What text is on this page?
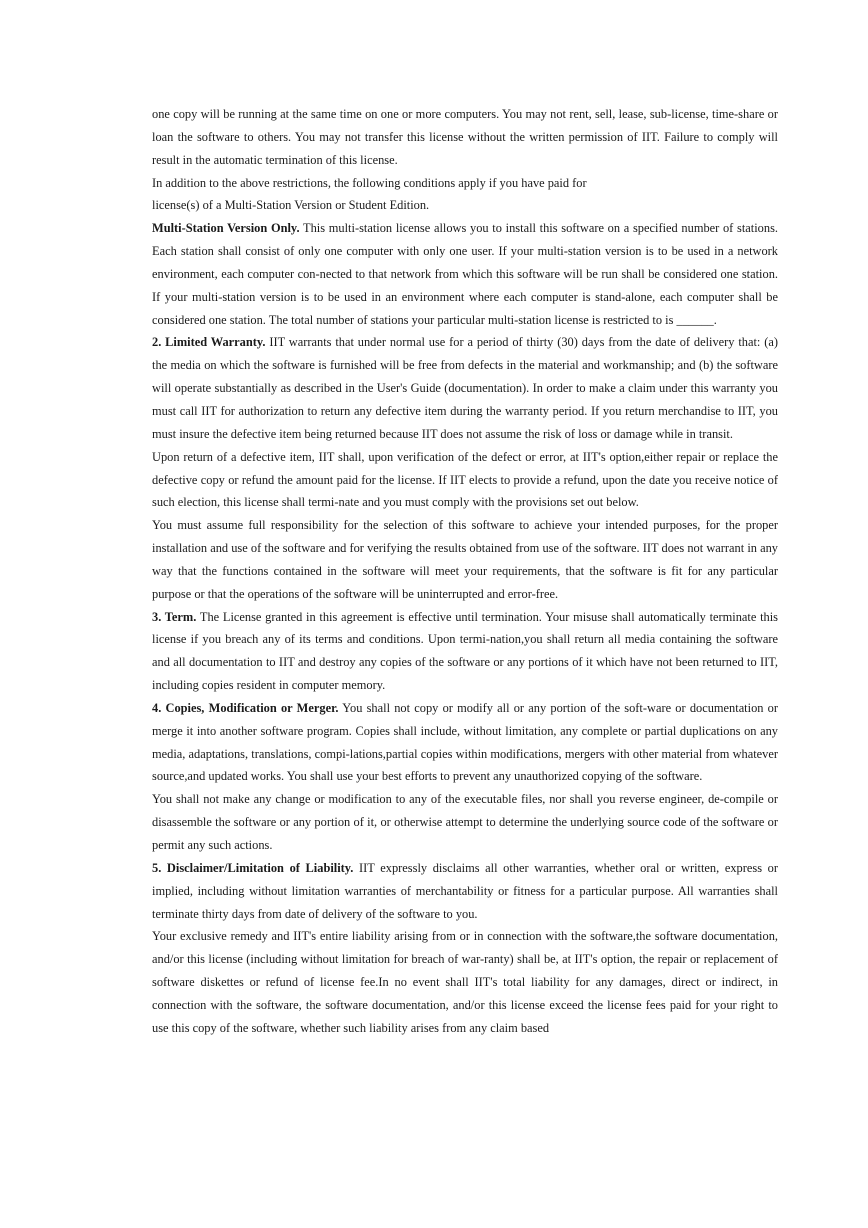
one copy will be running at the same time on one or more computers. You may not rent, sell, lease, sub-license, time-share or loan the software to others. You may not transfer this license without the written permission of IIT. Failure to comply will result in the automatic termination of this license.

In addition to the above restrictions, the following conditions apply if you have paid for

license(s) of a Multi-Station Version or Student Edition.

Multi-Station Version Only. This multi-station license allows you to install this software on a specified number of stations. Each station shall consist of only one computer with only one user. If your multi-station version is to be used in a network environment, each computer con-nected to that network from which this software will be run shall be considered one station. If your multi-station version is to be used in an environment where each computer is stand-alone, each computer shall be considered one station. The total number of stations your particular multi-station license is restricted to is ______.

2. Limited Warranty. IIT warrants that under normal use for a period of thirty (30) days from the date of delivery that: (a) the media on which the software is furnished will be free from defects in the material and workmanship; and (b) the software will operate substantially as described in the User's Guide (documentation). In order to make a claim under this warranty you must call IIT for authorization to return any defective item during the warranty period. If you return merchandise to IIT, you must insure the defective item being returned because IIT does not assume the risk of loss or damage while in transit.

Upon return of a defective item, IIT shall, upon verification of the defect or error, at IIT's option,either repair or replace the defective copy or refund the amount paid for the license. If IIT elects to provide a refund, upon the date you receive notice of such election, this license shall termi-nate and you must comply with the provisions set out below.

You must assume full responsibility for the selection of this software to achieve your intended purposes, for the proper installation and use of the software and for verifying the results obtained from use of the software. IIT does not warrant in any way that the functions contained in the software will meet your requirements, that the software is fit for any particular purpose or that the operations of the software will be uninterrupted and error-free.

3. Term. The License granted in this agreement is effective until termination. Your misuse shall automatically terminate this license if you breach any of its terms and conditions. Upon termi-nation,you shall return all media containing the software and all documentation to IIT and destroy any copies of the software or any portions of it which have not been returned to IIT, including copies resident in computer memory.

4. Copies, Modification or Merger. You shall not copy or modify all or any portion of the soft-ware or documentation or merge it into another software program. Copies shall include, without limitation, any complete or partial duplications on any media, adaptations, translations, compi-lations,partial copies within modifications, mergers with other material from whatever source,and updated works. You shall use your best efforts to prevent any unauthorized copying of the software.

You shall not make any change or modification to any of the executable files, nor shall you reverse engineer, de-compile or disassemble the software or any portion of it, or otherwise attempt to determine the underlying source code of the software or permit any such actions.

5. Disclaimer/Limitation of Liability. IIT expressly disclaims all other warranties, whether oral or written, express or implied, including without limitation warranties of merchantability or fitness for a particular purpose. All warranties shall terminate thirty days from date of delivery of the software to you.

Your exclusive remedy and IIT's entire liability arising from or in connection with the software,the software documentation, and/or this license (including without limitation for breach of war-ranty) shall be, at IIT's option, the repair or replacement of software diskettes or refund of license fee.In no event shall IIT's total liability for any damages, direct or indirect, in connection with the software, the software documentation, and/or this license exceed the license fees paid for your right to use this copy of the software, whether such liability arises from any claim based
